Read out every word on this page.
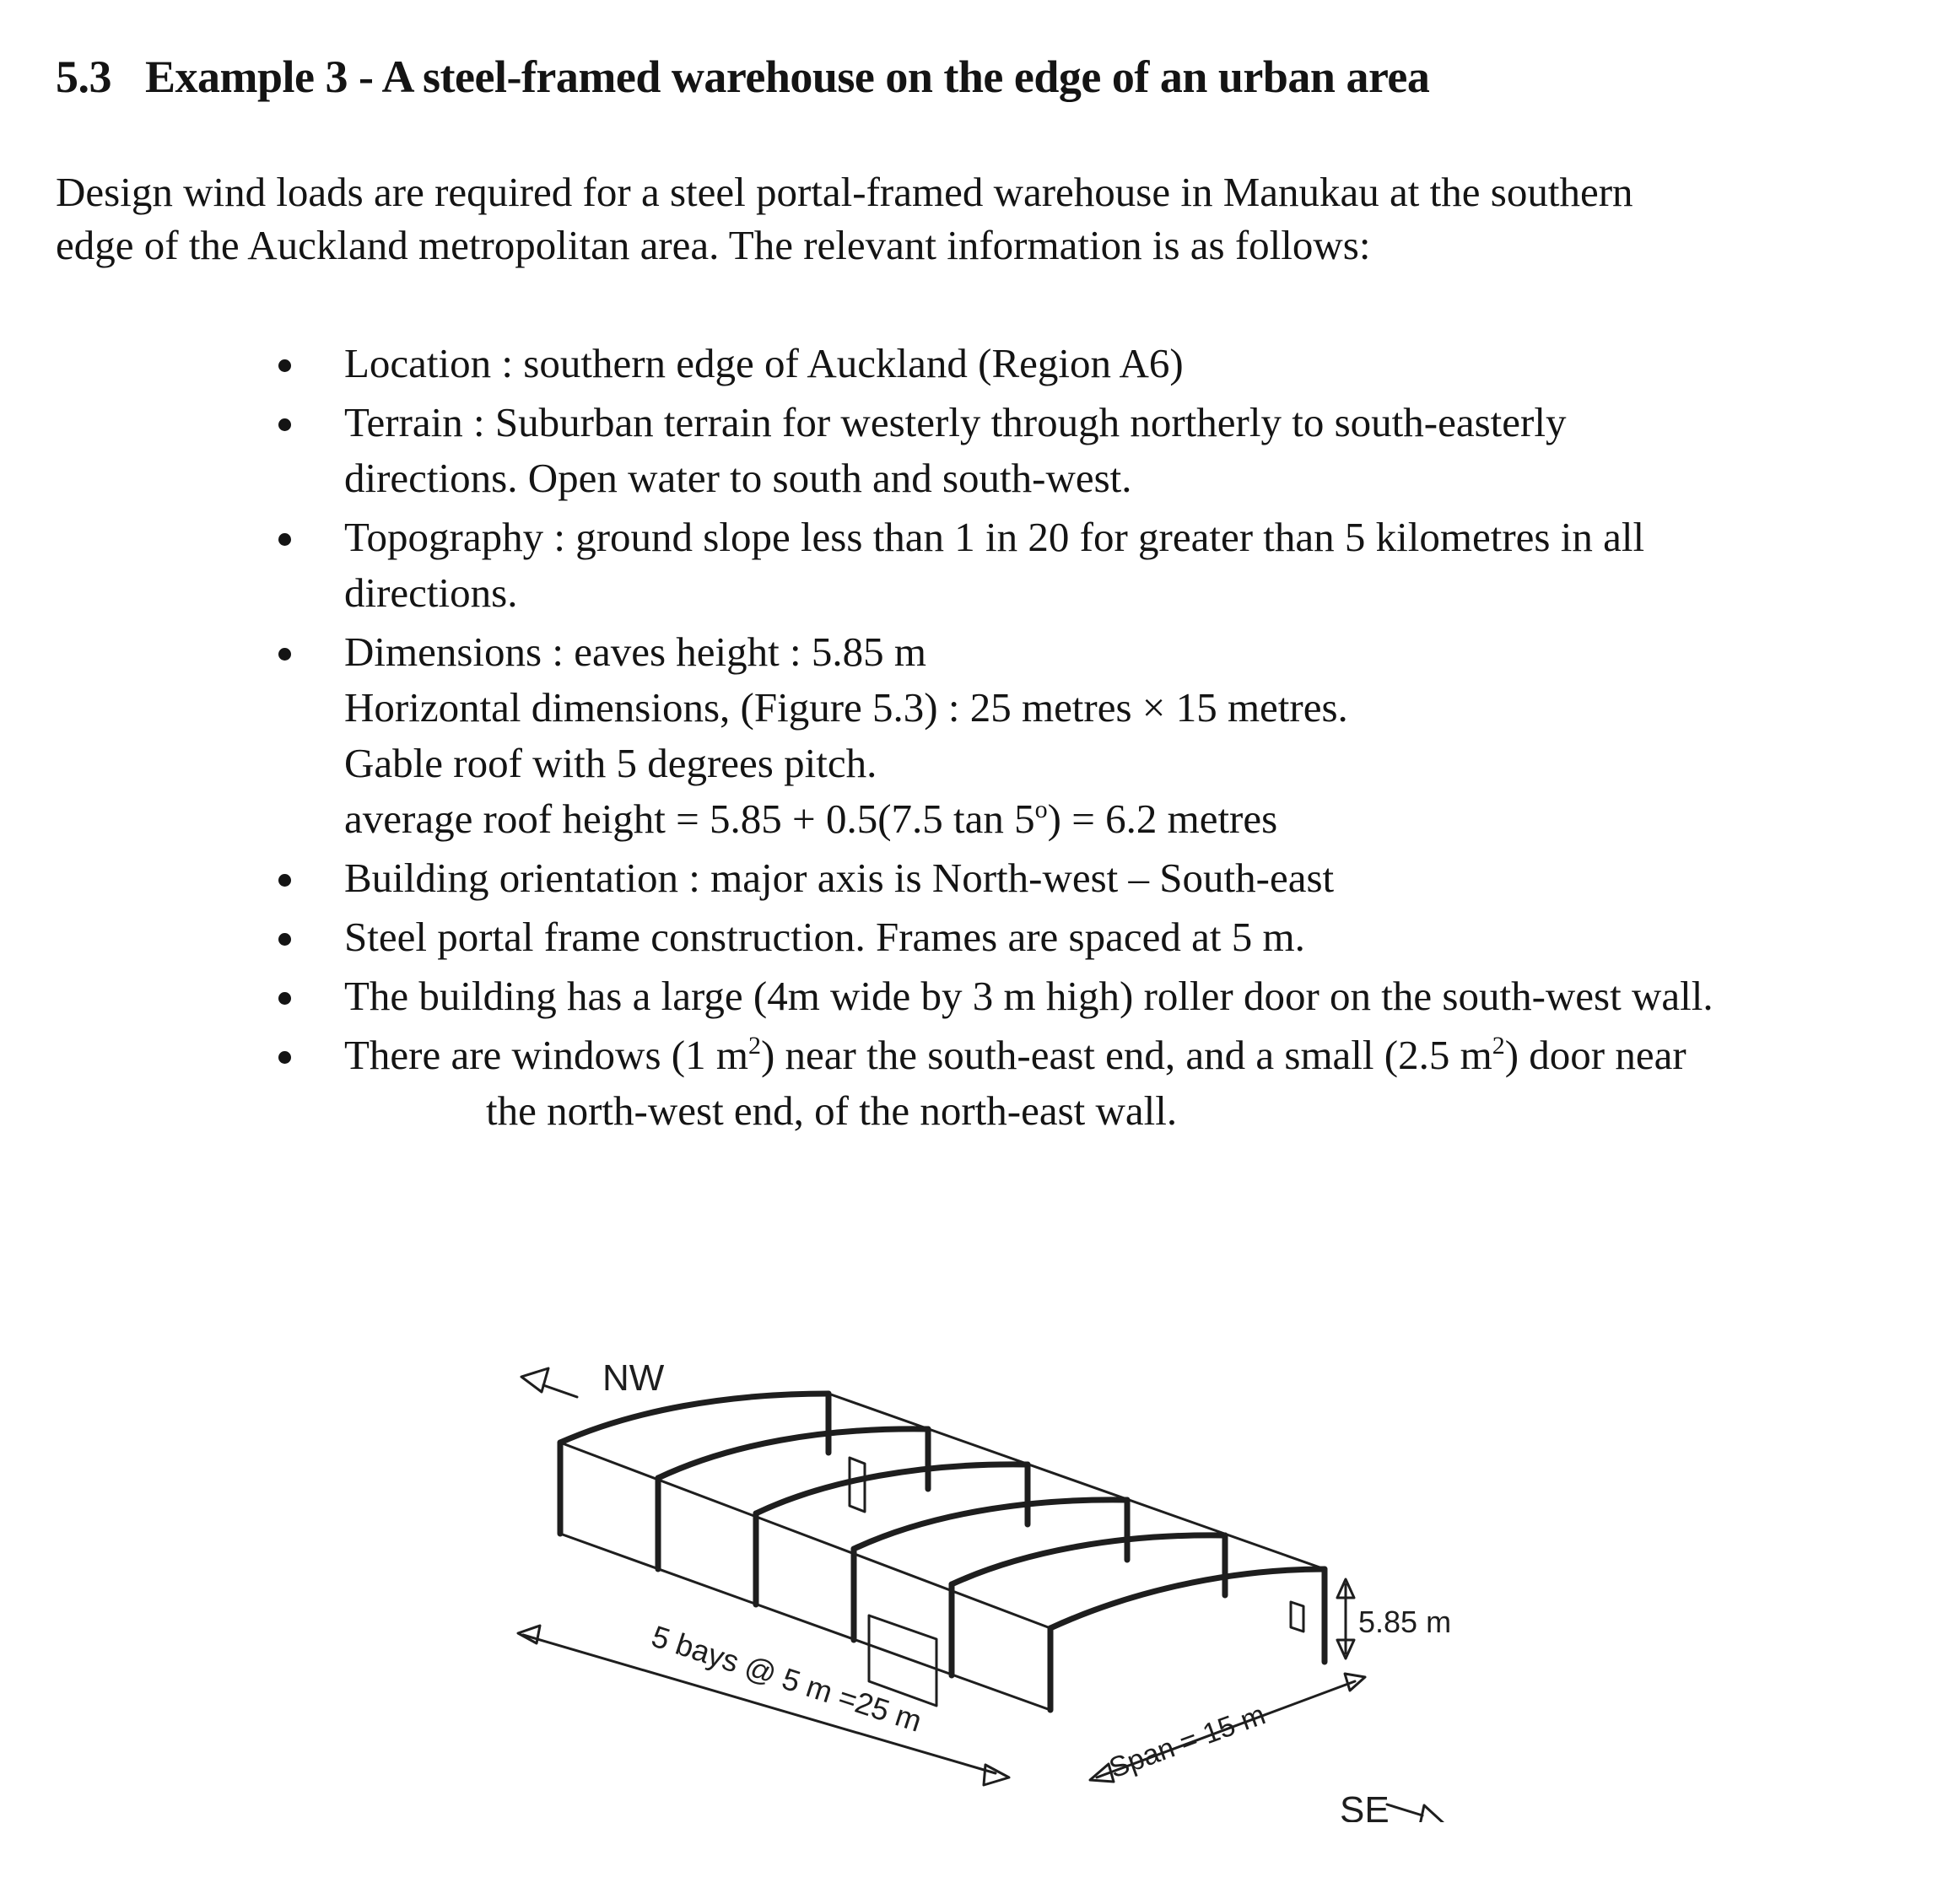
5.3 Example 3 - A steel-framed warehouse on the edge of an urban area

Design wind loads are required for a steel portal-framed warehouse in Manukau at the southern

edge of the Auckland metropolitan area. The relevant information is as follows:

Location : southern edge of Auckland (Region A6)
Terrain : Suburban terrain for westerly through northerly to south-easterly
directions. Open water to south and south-west.
Topography : ground slope less than 1 in 20 for greater than 5 kilometres in all
directions.
Dimensions : eaves height : 5.85 m
Horizontal dimensions, (Figure 5.3) : 25 metres × 15 metres.
Gable roof with 5 degrees pitch.
average roof height = 5.85 + 0.5(7.5 $\tan 5^o) = 6.2$ metres
Building orientation : major axis is North-west – South-east
Steel portal frame construction. Frames are spaced at 5 m.
The building has a large (4m wide by 3 m high) roller door on the south-west wall.
There are windows (1 $m^2$) near the south-east end, and a small (2.5 $m^2$) door near
the north-west end, of the north-east wall.
NW
SE
5.85 m
5 bays @ 5 m =25 m
Span = 15 m
